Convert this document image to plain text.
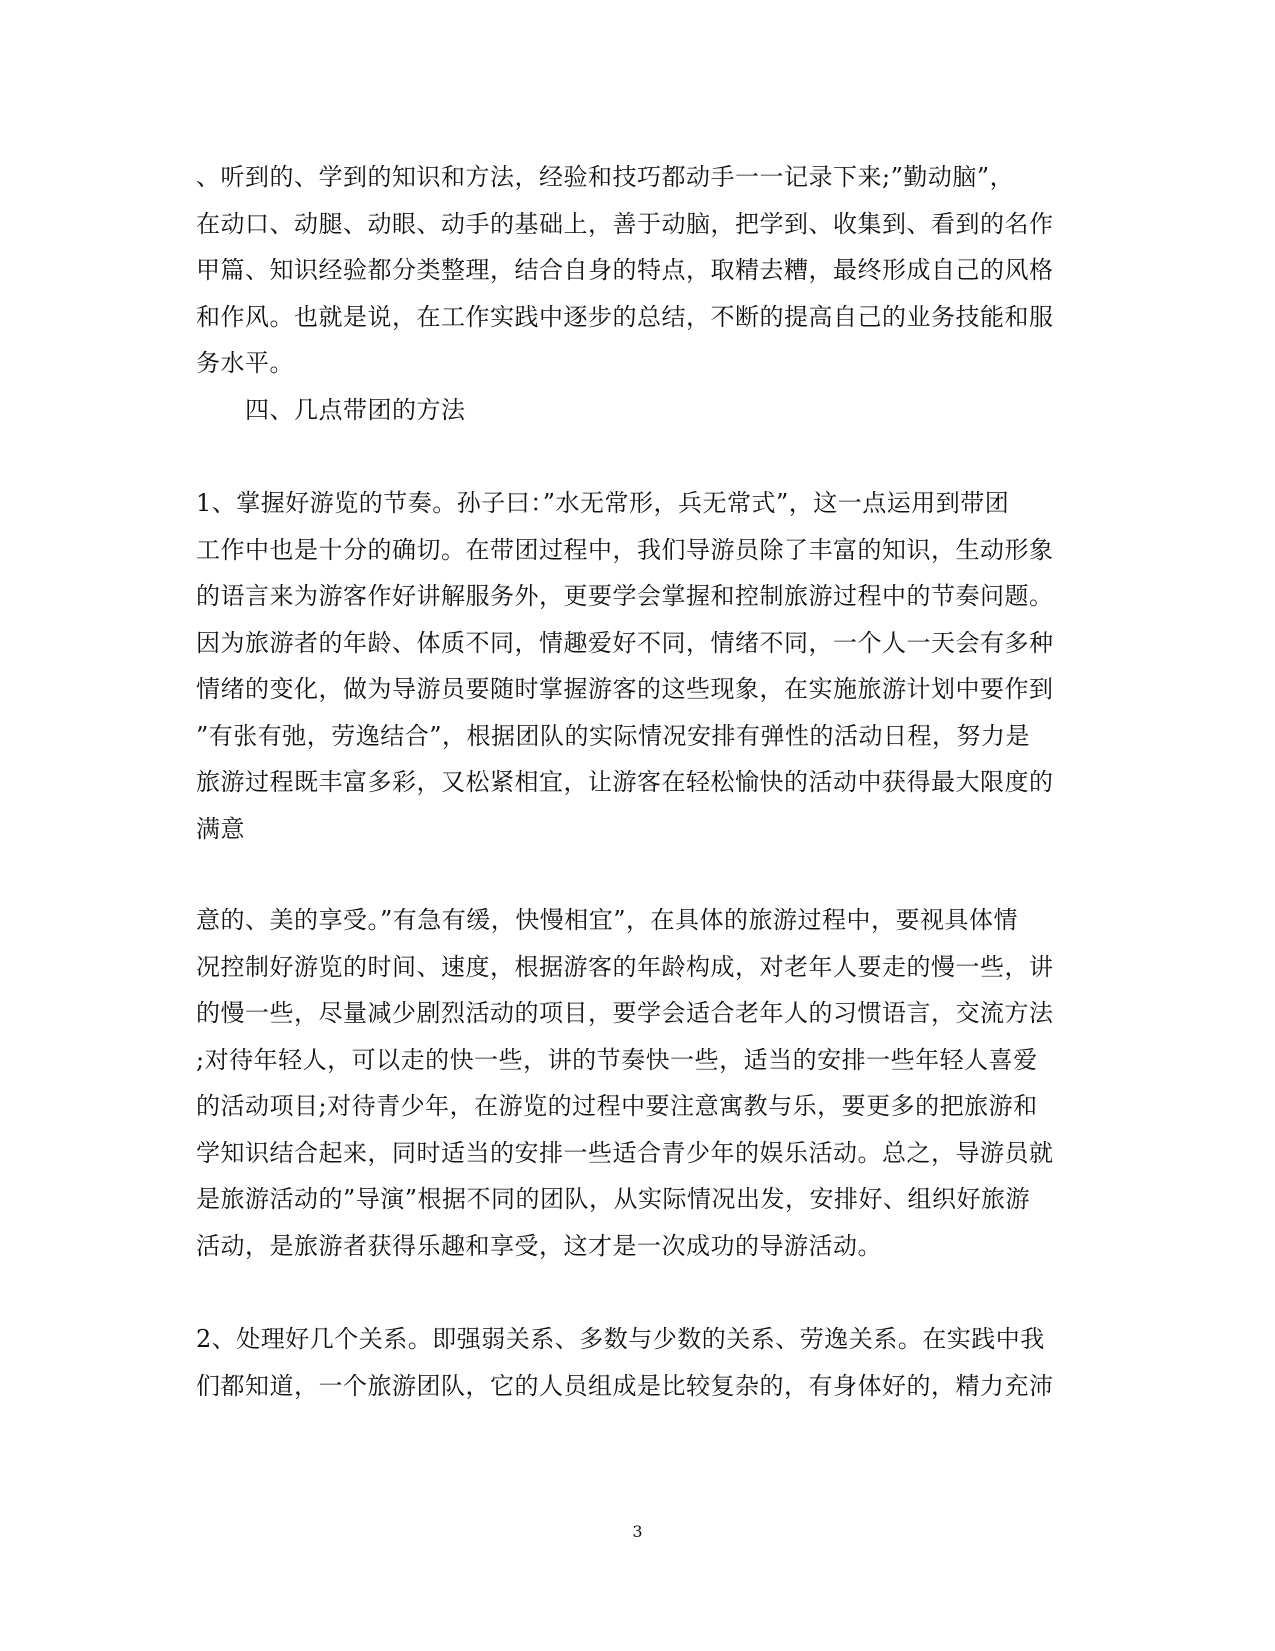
、听到的、学到的知识和方法，经验和技巧都动手一一记录下来;”勤动脑”，
在动口、动腿、动眼、动手的基础上，善于动脑，把学到、收集到、看到的名作
甲篇、知识经验都分类整理，结合自身的特点，取精去糟，最终形成自己的风格
和作风。也就是说，在工作实践中逐步的总结，不断的提高自己的业务技能和服
务水平。
　　四、几点带团的方法
1、掌握好游览的节奏。孙子曰：”水无常形，兵无常式”，这一点运用到带团
工作中也是十分的确切。在带团过程中，我们导游员除了丰富的知识，生动形象
的语言来为游客作好讲解服务外，更要学会掌握和控制旅游过程中的节奏问题。
因为旅游者的年龄、体质不同，情趣爱好不同，情绪不同，一个人一天会有多种
情绪的变化，做为导游员要随时掌握游客的这些现象，在实施旅游计划中要作到
”有张有弛，劳逸结合”，根据团队的实际情况安排有弹性的活动日程，努力是
旅游过程既丰富多彩，又松紧相宜，让游客在轻松愉快的活动中获得最大限度的
满意
意的、美的享受。”有急有缓，快慢相宜”，在具体的旅游过程中，要视具体情
况控制好游览的时间、速度，根据游客的年龄构成，对老年人要走的慢一些，讲
的慢一些，尽量减少剧烈活动的项目，要学会适合老年人的习惯语言，交流方法
;对待年轻人，可以走的快一些，讲的节奏快一些，适当的安排一些年轻人喜爱
的活动项目;对待青少年，在游览的过程中要注意寓教与乐，要更多的把旅游和
学知识结合起来，同时适当的安排一些适合青少年的娱乐活动。总之，导游员就
是旅游活动的”导演”根据不同的团队，从实际情况出发，安排好、组织好旅游
活动，是旅游者获得乐趣和享受，这才是一次成功的导游活动。
2、处理好几个关系。即强弱关系、多数与少数的关系、劳逸关系。在实践中我
们都知道，一个旅游团队，它的人员组成是比较复杂的，有身体好的，精力充沛
3
